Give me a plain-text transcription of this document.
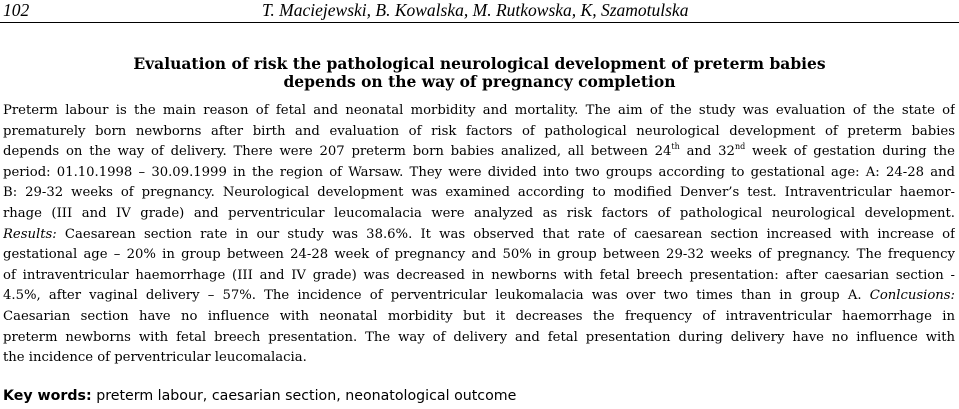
102	T. Maciejewski, B. Kowalska, M. Rutkowska, K, Szamotulska
Evaluation of risk the pathological neurological development of preterm babies
depends on the way of pregnancy completion
Preterm labour is the main reason of fetal and neonatal morbidity and mortality. The aim of the study was evaluation of the state of
prematurely born newborns after birth and evaluation of risk factors of pathological neurological development of preterm babies
depends on the way of delivery. There were 207 preterm born babies analized, all between 24th and 32nd week of gestation during the
period: 01.10.1998 – 30.09.1999 in the region of Warsaw. They were divided into two groups according to gestational age: A: 24-28 and
B: 29-32 weeks of pregnancy. Neurological development was examined according to modified Denver’s test. Intraventricular haemor-
rhage (III and IV grade) and perventricular leucomalacia were analyzed as risk factors of pathological neurological development.
Results: Caesarean section rate in our study was 38.6%. It was observed that rate of caesarean section increased with increase of
gestational age – 20% in group between 24-28 week of pregnancy and 50% in group between 29-32 weeks of pregnancy. The frequency
of intraventricular haemorrhage (III and IV grade) was decreased in newborns with fetal breech presentation: after caesarian section -
4.5%, after vaginal delivery – 57%. The incidence of perventricular leukomalacia was over two times than in group A. Conlcusions:
Caesarian section have no influence with neonatal morbidity but it decreases the frequency of intraventricular haemorrhage in
preterm newborns with fetal breech presentation. The way of delivery and fetal presentation during delivery have no influence with
the incidence of perventricular leucomalacia.
Key words: preterm labour, caesarian section, neonatological outcome
